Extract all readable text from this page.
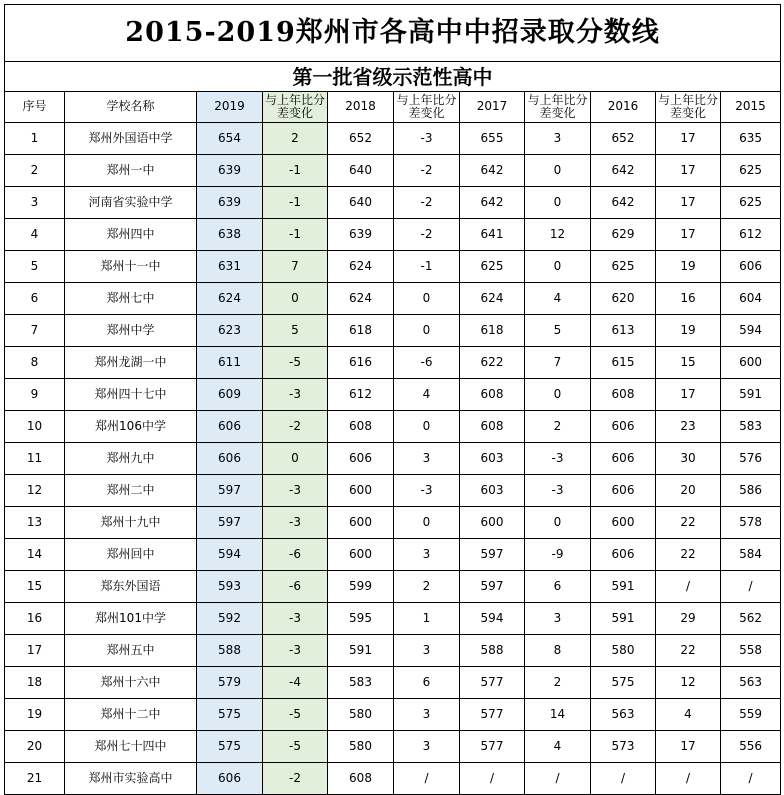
2015-2019郑州市各高中中招录取分数线										
第一批省级示范性高中										
序号	学校名称	2019	与上年比分差变化	2018	与上年比分差变化	2017	与上年比分差变化	2016	与上年比分差变化	2015
1	郑州外国语中学	654	2	652	-3	655	3	652	17	635
2	郑州一中	639	-1	640	-2	642	0	642	17	625
3	河南省实验中学	639	-1	640	-2	642	0	642	17	625
4	郑州四中	638	-1	639	-2	641	12	629	17	612
5	郑州十一中	631	7	624	-1	625	0	625	19	606
6	郑州七中	624	0	624	0	624	4	620	16	604
7	郑州中学	623	5	618	0	618	5	613	19	594
8	郑州龙湖一中	611	-5	616	-6	622	7	615	15	600
9	郑州四十七中	609	-3	612	4	608	0	608	17	591
10	郑州106中学	606	-2	608	0	608	2	606	23	583
11	郑州九中	606	0	606	3	603	-3	606	30	576
12	郑州二中	597	-3	600	-3	603	-3	606	20	586
13	郑州十九中	597	-3	600	0	600	0	600	22	578
14	郑州回中	594	-6	600	3	597	-9	606	22	584
15	郑东外国语	593	-6	599	2	597	6	591	/	/
16	郑州101中学	592	-3	595	1	594	3	591	29	562
17	郑州五中	588	-3	591	3	588	8	580	22	558
18	郑州十六中	579	-4	583	6	577	2	575	12	563
19	郑州十二中	575	-5	580	3	577	14	563	4	559
20	郑州七十四中	575	-5	580	3	577	4	573	17	556
21	郑州市实验高中	606	-2	608	/	/	/	/	/	/
